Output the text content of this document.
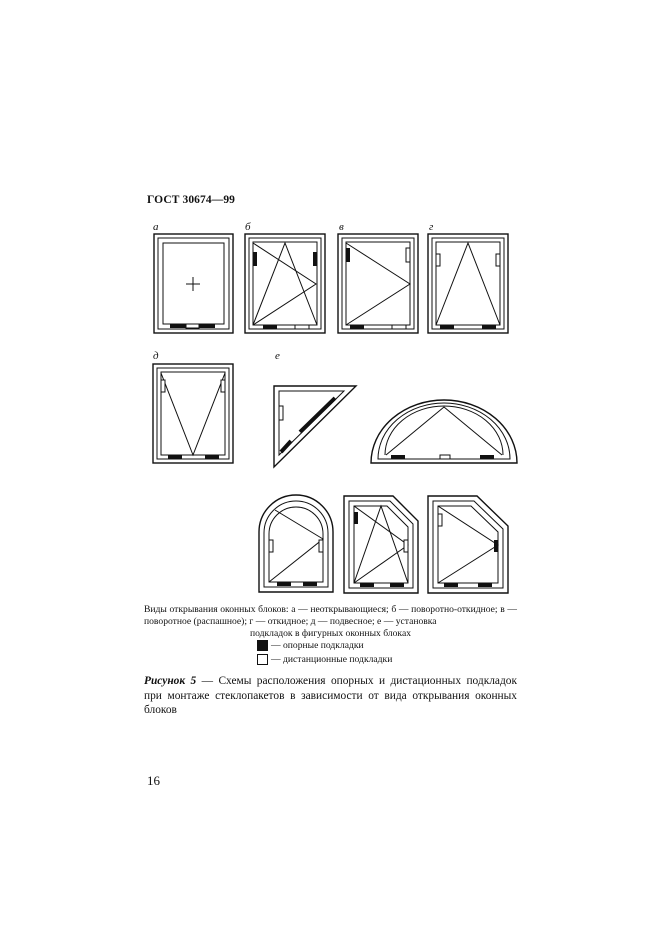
ГОСТ 30674—99
а	б	в	г
д	е
Виды открывания оконных блоков: а — неоткрывающиеся; б — поворотно-откидное; в — поворотное (распашное); г — откидное; д — подвесное; е — установка
подкладок в фигурных оконных блоках
— опорные подкладки
— дистанционные подкладки
Рисунок 5 — Схемы расположения опорных и дистационных подкладок при монтаже стеклопакетов в зависимости от вида открывания оконных блоков
16
